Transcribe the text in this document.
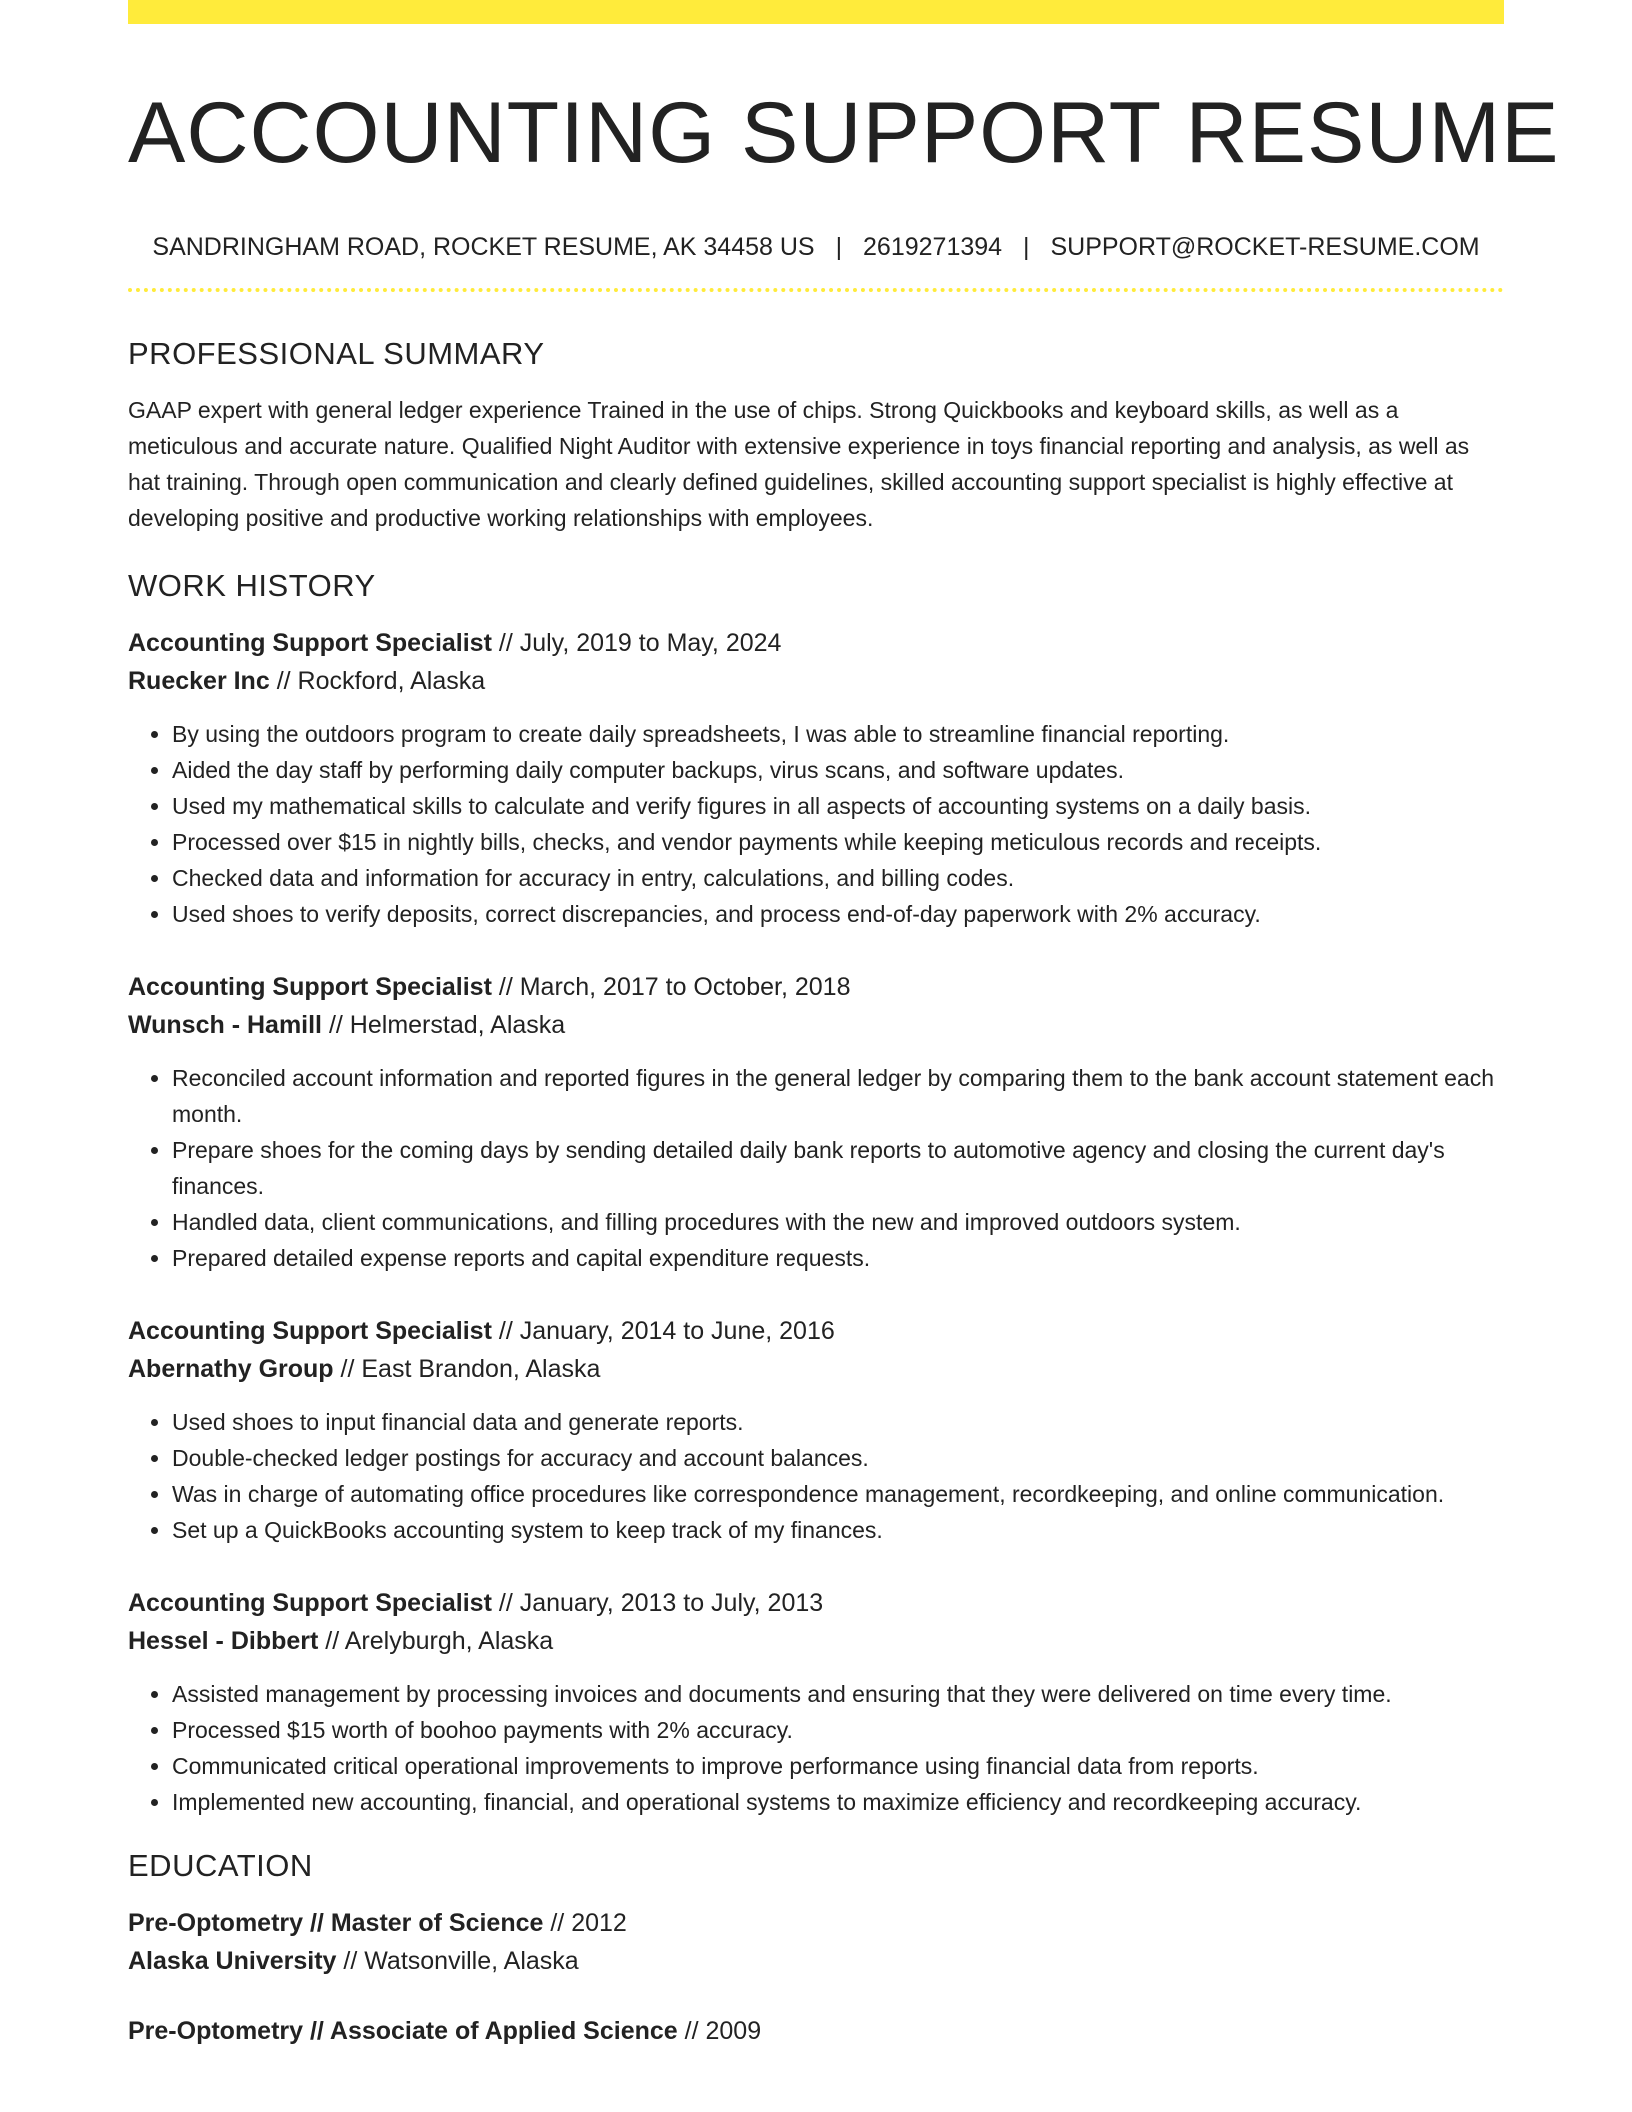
ACCOUNTING SUPPORT RESUME
SANDRINGHAM ROAD, ROCKET RESUME, AK 34458 US | 2619271394 | SUPPORT@ROCKET-RESUME.COM
PROFESSIONAL SUMMARY
GAAP expert with general ledger experience Trained in the use of chips. Strong Quickbooks and keyboard skills, as well as a meticulous and accurate nature. Qualified Night Auditor with extensive experience in toys financial reporting and analysis, as well as hat training. Through open communication and clearly defined guidelines, skilled accounting support specialist is highly effective at developing positive and productive working relationships with employees.
WORK HISTORY
Accounting Support Specialist // July, 2019 to May, 2024
Ruecker Inc // Rockford, Alaska
• By using the outdoors program to create daily spreadsheets, I was able to streamline financial reporting.
• Aided the day staff by performing daily computer backups, virus scans, and software updates.
• Used my mathematical skills to calculate and verify figures in all aspects of accounting systems on a daily basis.
• Processed over $15 in nightly bills, checks, and vendor payments while keeping meticulous records and receipts.
• Checked data and information for accuracy in entry, calculations, and billing codes.
• Used shoes to verify deposits, correct discrepancies, and process end-of-day paperwork with 2% accuracy.
Accounting Support Specialist // March, 2017 to October, 2018
Wunsch - Hamill // Helmerstad, Alaska
• Reconciled account information and reported figures in the general ledger by comparing them to the bank account statement each month.
• Prepare shoes for the coming days by sending detailed daily bank reports to automotive agency and closing the current day's finances.
• Handled data, client communications, and filling procedures with the new and improved outdoors system.
• Prepared detailed expense reports and capital expenditure requests.
Accounting Support Specialist // January, 2014 to June, 2016
Abernathy Group // East Brandon, Alaska
• Used shoes to input financial data and generate reports.
• Double-checked ledger postings for accuracy and account balances.
• Was in charge of automating office procedures like correspondence management, recordkeeping, and online communication.
• Set up a QuickBooks accounting system to keep track of my finances.
Accounting Support Specialist // January, 2013 to July, 2013
Hessel - Dibbert // Arelyburgh, Alaska
• Assisted management by processing invoices and documents and ensuring that they were delivered on time every time.
• Processed $15 worth of boohoo payments with 2% accuracy.
• Communicated critical operational improvements to improve performance using financial data from reports.
• Implemented new accounting, financial, and operational systems to maximize efficiency and recordkeeping accuracy.
EDUCATION
Pre-Optometry // Master of Science // 2012
Alaska University // Watsonville, Alaska
Pre-Optometry // Associate of Applied Science // 2009
